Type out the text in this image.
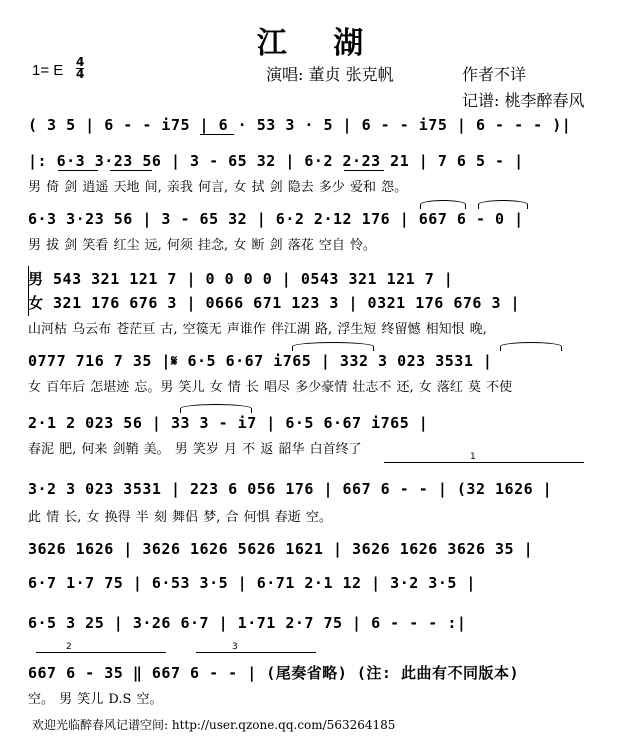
江 湖
1= E 4
4	演唱: 董贞 张克帆	作者不详
记谱: 桃李醉春风
( 3 5 | 6 - - i75 | 6 · 53 3 · 5 | 6 - - i75 | 6 - - - )|
|: 6·3 3·23 56 | 3 - 65 32 | 6·2 2·23 21 | 7 6 5 - |
男 倚 剑 逍遥 天地 间, 亲我 何言, 女 拭 剑 隐去 多少 爱和 怨。
6·3 3·23 56 | 3 - 65 32 | 6·2 2·12 176 | 667 6 - 0 |
男 拔 剑 笑看 红尘 远, 何须 挂念, 女 断 剑 落花 空自 怜。
男 543 321 121 7 | 0 0 0 0 | 0543 321 121 7 |
女 321 176 676 3 | 0666 671 123 3 | 0321 176 676 3 |
山河枯 乌云布 苍茫亘 古, 空篌无 声谁作 伴江湖 路, 浮生短 终留憾 相知恨 晚,
0777 716 7 35 |𝄋 6·5 6·67 i765 | 332 3 023 3531 |
女 百年后 怎堪迹 忘。男 笑儿 女 情 长 唱尽 多少豪情 壮志不 还, 女 落红 莫 不使
2·1 2 023 56 | 33 3 - i7 | 6·5 6·67 i765 |
春泥 肥, 何来 剑鞘 美。 男 笑岁 月 不 返 韶华 白首终了
3·2 3 023 3531 | 223 6 056 176 | 667 6 - - | (32 1626 |
此 情 长, 女 换得 半 刻 舞侣 梦, 合 何惧 春逝 空。
1
3626 1626 | 3626 1626 5626 1621 | 3626 1626 3626 35 |
6·7 1·7 75 | 6·53 3·5 | 6·71 2·1 12 | 3·2 3·5 |
6·5 3 25 | 3·26 6·7 | 1·71 2·7 75 | 6 - - - :|
2	3
667 6 - 35 ‖ 667 6 - - | (尾奏省略) (注: 此曲有不同版本)
空。 男 笑儿 D.S 空。
欢迎光临醉春风记谱空间: http://user.qzone.qq.com/563264185
